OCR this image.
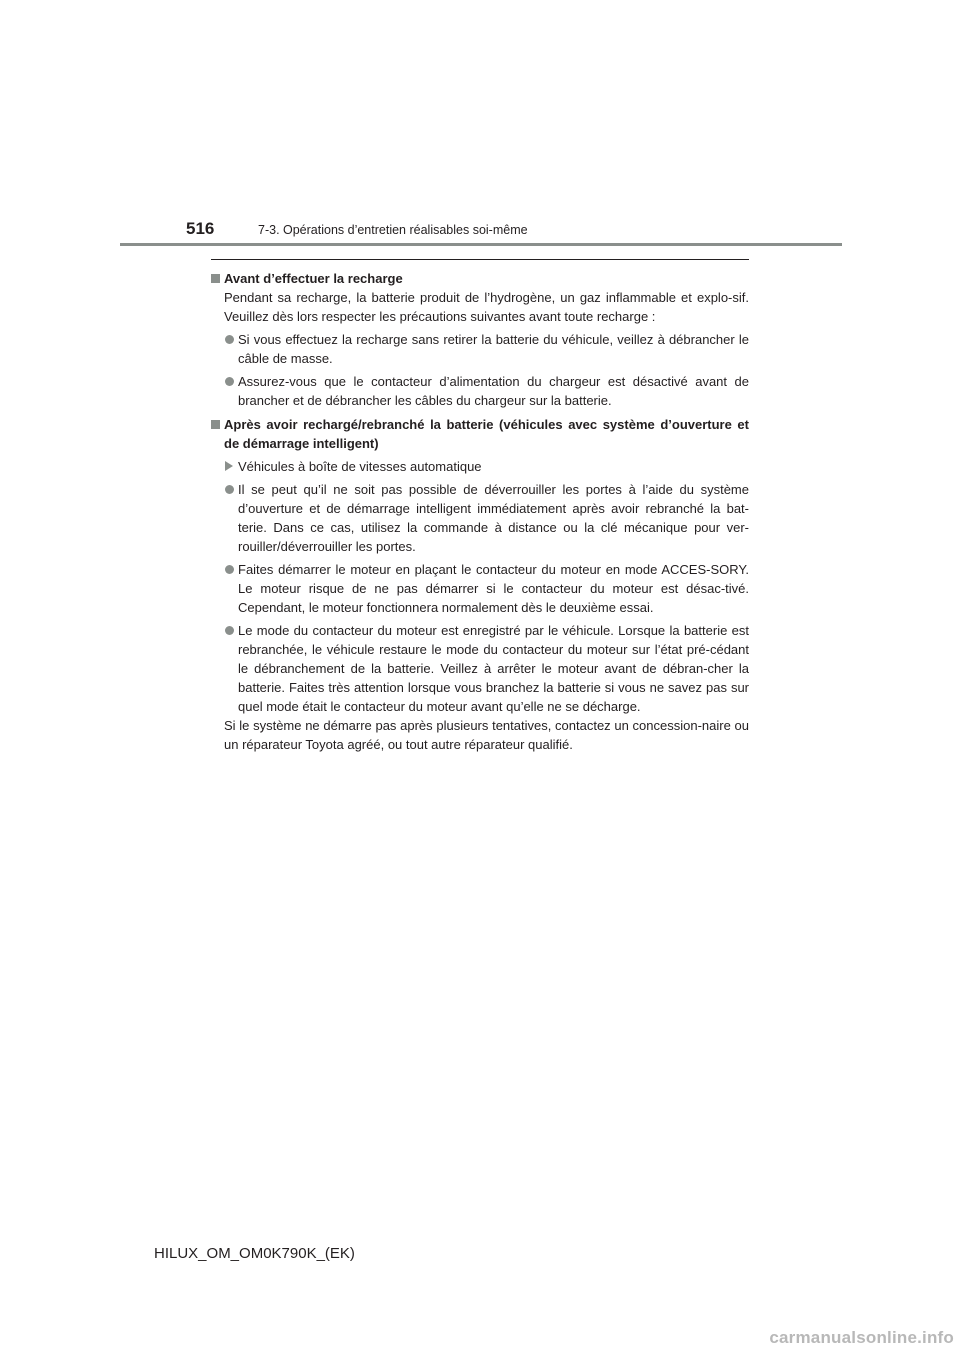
516	7-3. Opérations d’entretien réalisables soi-même
Avant d’effectuer la recharge

Pendant sa recharge, la batterie produit de l’hydrogène, un gaz inflammable et explo-sif. Veuillez dès lors respecter les précautions suivantes avant toute recharge :

Si vous effectuez la recharge sans retirer la batterie du véhicule, veillez à débrancher le câble de masse.
Assurez-vous que le contacteur d’alimentation du chargeur est désactivé avant de brancher et de débrancher les câbles du chargeur sur la batterie.
Après avoir rechargé/rebranché la batterie (véhicules avec système d’ouverture et de démarrage intelligent)
Véhicules à boîte de vitesses automatique
Il se peut qu’il ne soit pas possible de déverrouiller les portes à l’aide du système d’ouverture et de démarrage intelligent immédiatement après avoir rebranché la bat-terie. Dans ce cas, utilisez la commande à distance ou la clé mécanique pour ver-rouiller/déverrouiller les portes.
Faites démarrer le moteur en plaçant le contacteur du moteur en mode ACCES-SORY. Le moteur risque de ne pas démarrer si le contacteur du moteur est désac-tivé. Cependant, le moteur fonctionnera normalement dès le deuxième essai.
Le mode du contacteur du moteur est enregistré par le véhicule. Lorsque la batterie est rebranchée, le véhicule restaure le mode du contacteur du moteur sur l’état pré-cédant le débranchement de la batterie. Veillez à arrêter le moteur avant de débran-cher la batterie. Faites très attention lorsque vous branchez la batterie si vous ne savez pas sur quel mode était le contacteur du moteur avant qu’elle ne se décharge.

Si le système ne démarre pas après plusieurs tentatives, contactez un concession-naire ou un réparateur Toyota agréé, ou tout autre réparateur qualifié.

HILUX_OM_OM0K790K_(EK)
carmanualsonline.info
